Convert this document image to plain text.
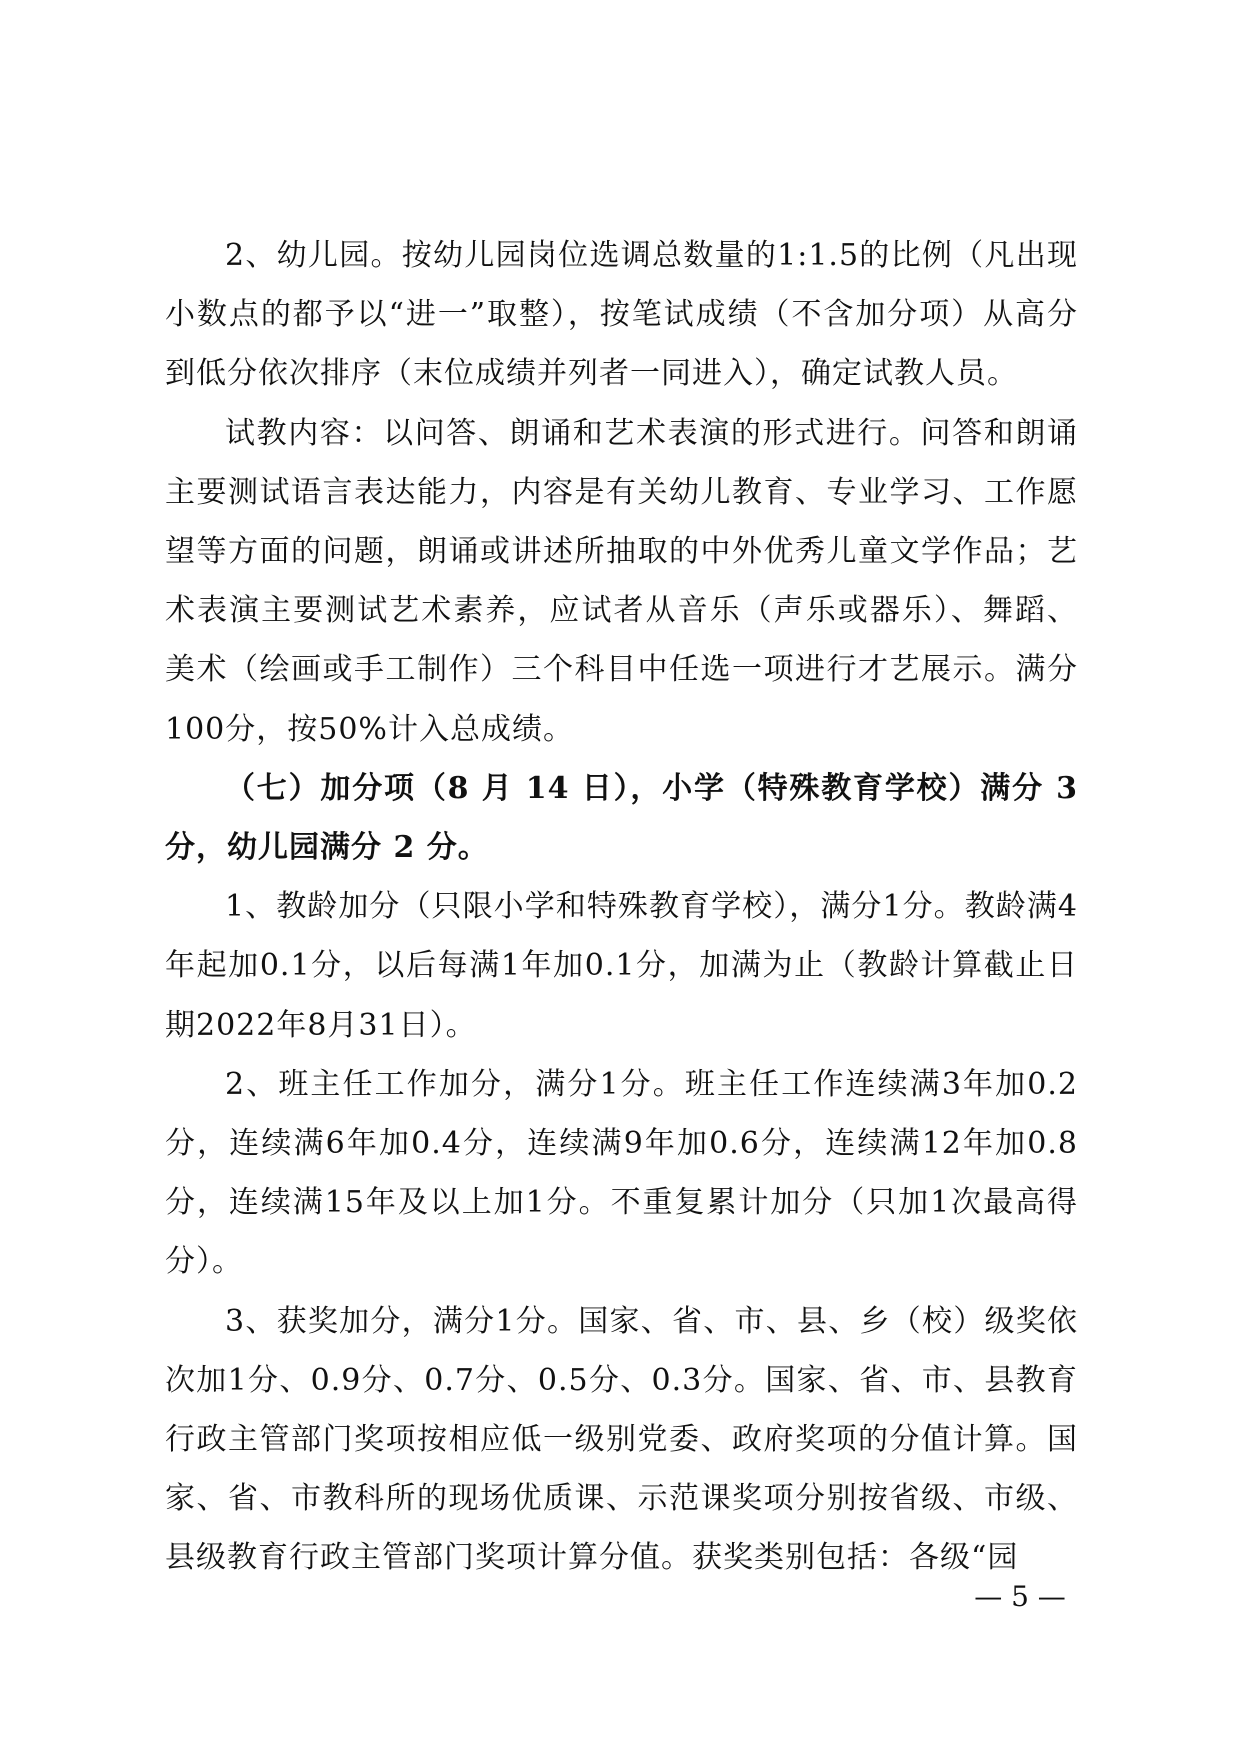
2、幼儿园。按幼儿园岗位选调总数量的1:1.5的比例（凡出现小数点的都予以“进一”取整），按笔试成绩（不含加分项）从高分到低分依次排序（末位成绩并列者一同进入），确定试教人员。

试教内容：以问答、朗诵和艺术表演的形式进行。问答和朗诵主要测试语言表达能力，内容是有关幼儿教育、专业学习、工作愿望等方面的问题，朗诵或讲述所抽取的中外优秀儿童文学作品；艺术表演主要测试艺术素养，应试者从音乐（声乐或器乐）、舞蹈、美术（绘画或手工制作）三个科目中任选一项进行才艺展示。满分100分，按50%计入总成绩。

（七）加分项（8 月 14 日），小学（特殊教育学校）满分 3 分，幼儿园满分 2 分。

1、教龄加分（只限小学和特殊教育学校），满分1分。教龄满4年起加0.1分，以后每满1年加0.1分，加满为止（教龄计算截止日期2022年8月31日）。

2、班主任工作加分，满分1分。班主任工作连续满3年加0.2分，连续满6年加0.4分，连续满9年加0.6分，连续满12年加0.8分，连续满15年及以上加1分。不重复累计加分（只加1次最高得分）。

3、获奖加分，满分1分。国家、省、市、县、乡（校）级奖依次加1分、0.9分、0.7分、0.5分、0.3分。国家、省、市、县教育行政主管部门奖项按相应低一级别党委、政府奖项的分值计算。国家、省、市教科所的现场优质课、示范课奖项分别按省级、市级、县级教育行政主管部门奖项计算分值。获奖类别包括：各级“园

— 5 —
